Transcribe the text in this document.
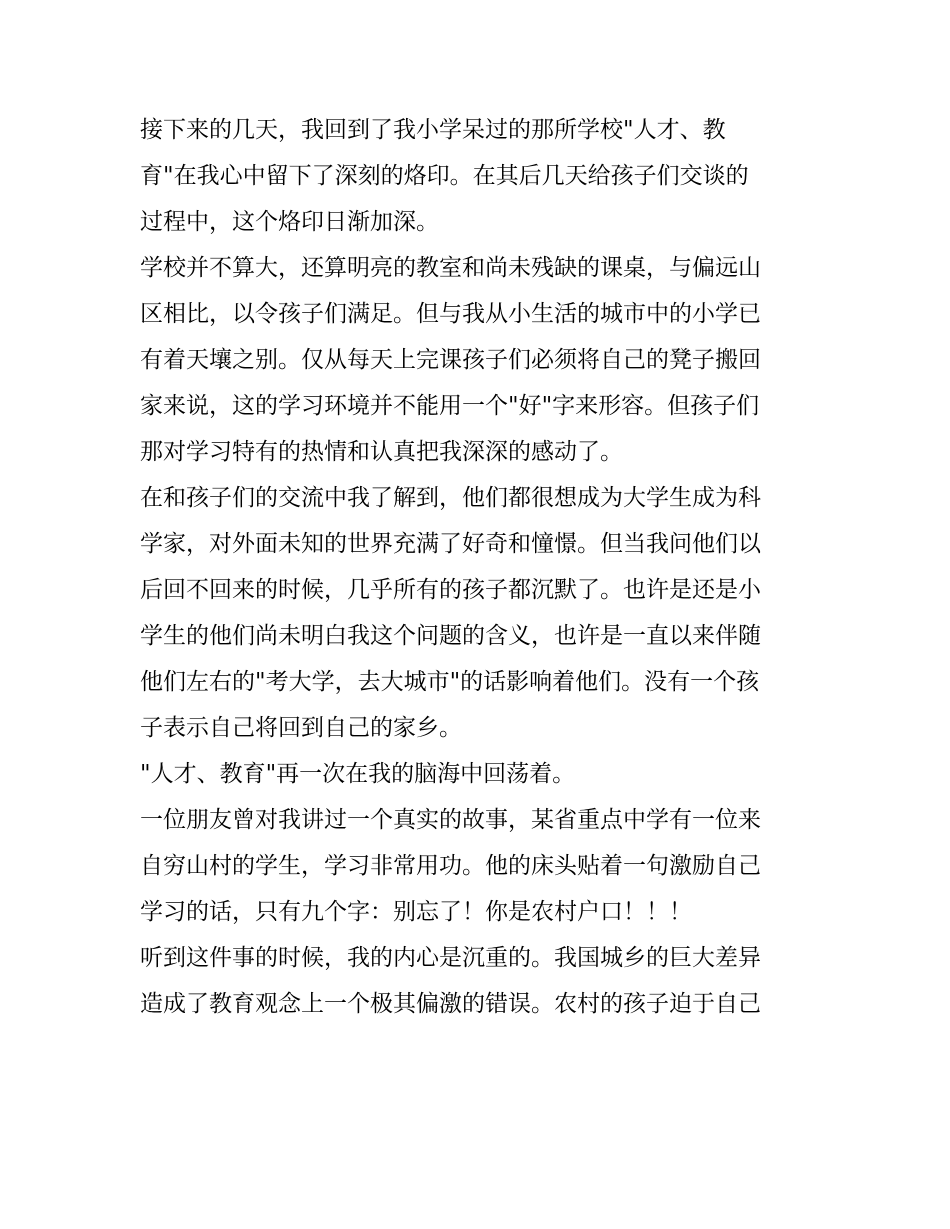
接下来的几天，我回到了我小学呆过的那所学校"人才、教
育"在我心中留下了深刻的烙印。在其后几天给孩子们交谈的
过程中，这个烙印日渐加深。
学校并不算大，还算明亮的教室和尚未残缺的课桌，与偏远山
区相比，以令孩子们满足。但与我从小生活的城市中的小学已
有着天壤之别。仅从每天上完课孩子们必须将自己的凳子搬回
家来说，这的学习环境并不能用一个"好"字来形容。但孩子们
那对学习特有的热情和认真把我深深的感动了。
在和孩子们的交流中我了解到，他们都很想成为大学生成为科
学家，对外面未知的世界充满了好奇和憧憬。但当我问他们以
后回不回来的时候，几乎所有的孩子都沉默了。也许是还是小
学生的他们尚未明白我这个问题的含义，也许是一直以来伴随
他们左右的"考大学，去大城市"的话影响着他们。没有一个孩
子表示自己将回到自己的家乡。
"人才、教育"再一次在我的脑海中回荡着。
一位朋友曾对我讲过一个真实的故事，某省重点中学有一位来
自穷山村的学生，学习非常用功。他的床头贴着一句激励自己
学习的话，只有九个字：别忘了！你是农村户口！！！
听到这件事的时候，我的内心是沉重的。我国城乡的巨大差异
造成了教育观念上一个极其偏激的错误。农村的孩子迫于自己
